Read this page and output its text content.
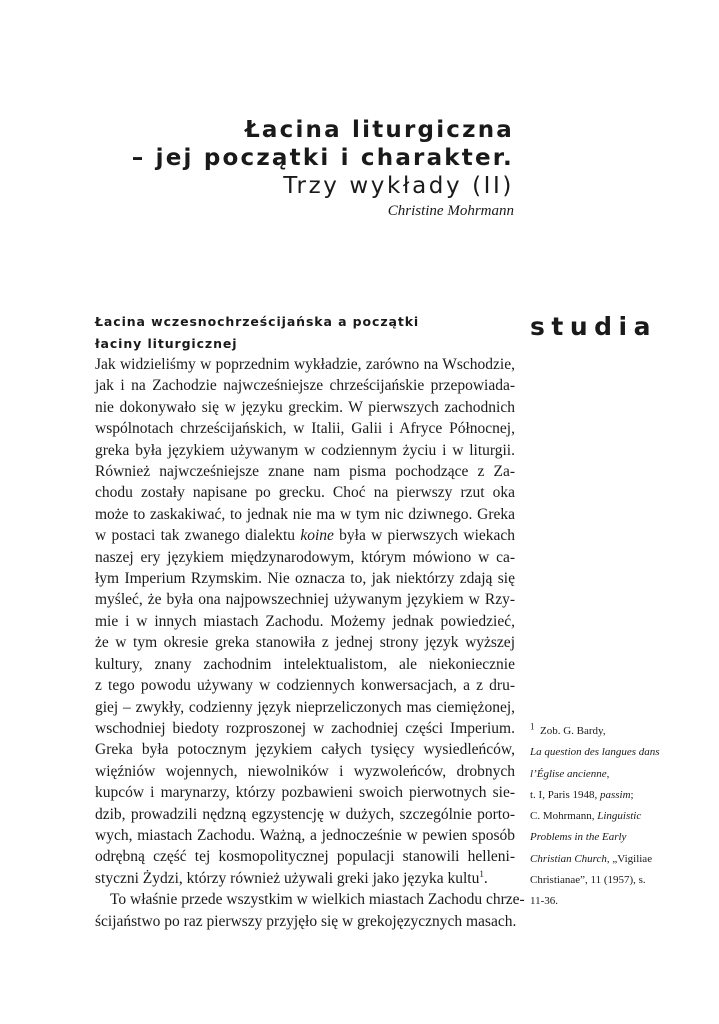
Łacina liturgiczna
– jej początki i charakter.
Trzy wykłady (II)
Christine Mohrmann
studia
Łacina wczesnochrześcijańska a początki
łaciny liturgicznej
Jak widzieliśmy w poprzednim wykładzie, zarówno na Wschodzie,
jak i na Zachodzie najwcześniejsze chrześcijańskie przepowiada-
nie dokonywało się w języku greckim. W pierwszych zachodnich
wspólnotach chrześcijańskich, w Italii, Galii i Afryce Północnej,
greka była językiem używanym w codziennym życiu i w liturgii.
Również najwcześniejsze znane nam pisma pochodzące z Za-
chodu zostały napisane po grecku. Choć na pierwszy rzut oka
może to zaskakiwać, to jednak nie ma w tym nic dziwnego. Greka
w postaci tak zwanego dialektu koine była w pierwszych wiekach
naszej ery językiem międzynarodowym, którym mówiono w ca-
łym Imperium Rzymskim. Nie oznacza to, jak niektórzy zdają się
myśleć, że była ona najpowszechniej używanym językiem w Rzy-
mie i w innych miastach Zachodu. Możemy jednak powiedzieć,
że w tym okresie greka stanowiła z jednej strony język wyższej
kultury, znany zachodnim intelektualistom, ale niekoniecznie
z tego powodu używany w codziennych konwersacjach, a z dru-
giej – zwykły, codzienny język nieprzeliczonych mas ciemiężonej,
wschodniej biedoty rozproszonej w zachodniej części Imperium.
Greka była potocznym językiem całych tysięcy wysiedleńców,
więźniów wojennych, niewolników i wyzwoleńców, drobnych
kupców i marynarzy, którzy pozbawieni swoich pierwotnych sie-
dzib, prowadzili nędzną egzystencję w dużych, szczególnie porto-
wych, miastach Zachodu. Ważną, a jednocześnie w pewien sposób
odrębną część tej kosmopolitycznej populacji stanowili helleni-
styczni Żydzi, którzy również używali greki jako języka kultu$^1$.
To właśnie przede wszystkim w wielkich miastach Zachodu chrze-
ścijaństwo po raz pierwszy przyjęło się w grekojęzycznych masach.
$^1$ Zob. G. Bardy,
La question des langues dans
l’Église ancienne,
t. I, Paris 1948, passim;
C. Mohrmann, Linguistic
Problems in the Early
Christian Church, „Vigiliae
Christianae”, 11 (1957), s.
11-36.
